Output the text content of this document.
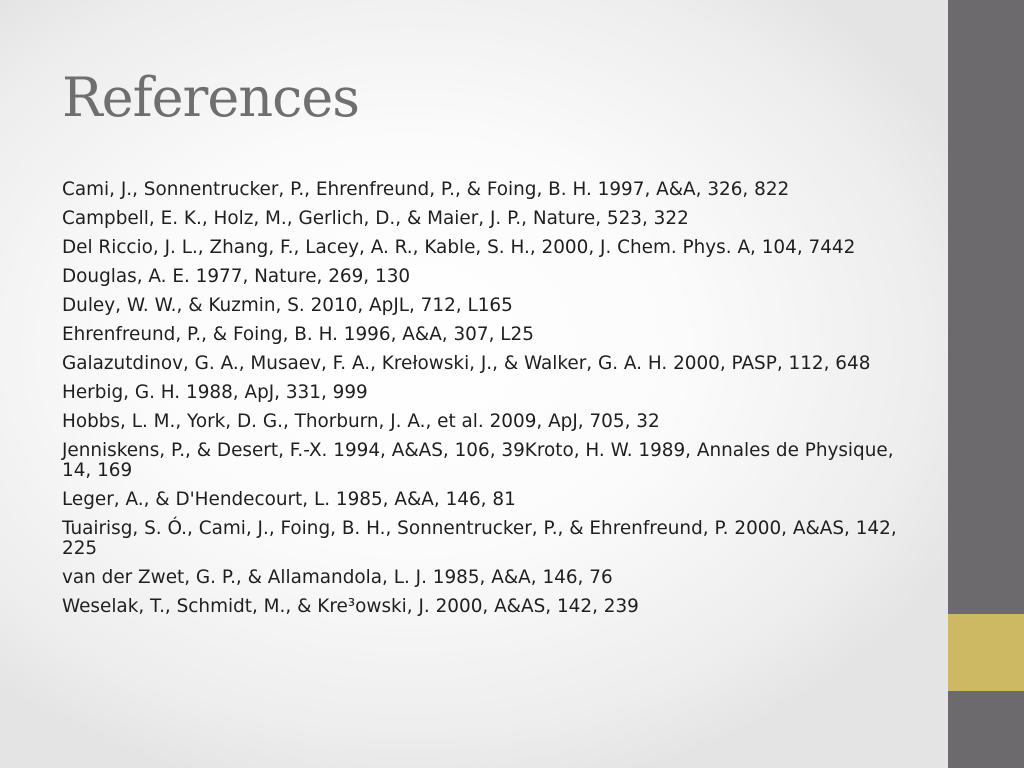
References
Cami, J., Sonnentrucker, P., Ehrenfreund, P., & Foing, B. H. 1997, A&A, 326, 822
Campbell, E. K., Holz, M., Gerlich, D., & Maier, J. P., Nature, 523, 322
Del Riccio, J. L., Zhang, F., Lacey, A. R., Kable, S. H., 2000, J. Chem. Phys. A, 104, 7442
Douglas, A. E. 1977, Nature, 269, 130
Duley, W. W., & Kuzmin, S. 2010, ApJL, 712, L165
Ehrenfreund, P., & Foing, B. H. 1996, A&A, 307, L25
Galazutdinov, G. A., Musaev, F. A., Krełowski, J., & Walker, G. A. H. 2000, PASP, 112, 648
Herbig, G. H. 1988, ApJ, 331, 999
Hobbs, L. M., York, D. G., Thorburn, J. A., et al. 2009, ApJ, 705, 32
Jenniskens, P., & Desert, F.-X. 1994, A&AS, 106, 39Kroto, H. W. 1989, Annales de Physique, 14, 169
Leger, A., & D'Hendecourt, L. 1985, A&A, 146, 81
Tuairisg, S. Ó., Cami, J., Foing, B. H., Sonnentrucker, P., & Ehrenfreund, P. 2000, A&AS, 142, 225
van der Zwet, G. P., & Allamandola, L. J. 1985, A&A, 146, 76
Weselak, T., Schmidt, M., & Kre³owski, J. 2000, A&AS, 142, 239
